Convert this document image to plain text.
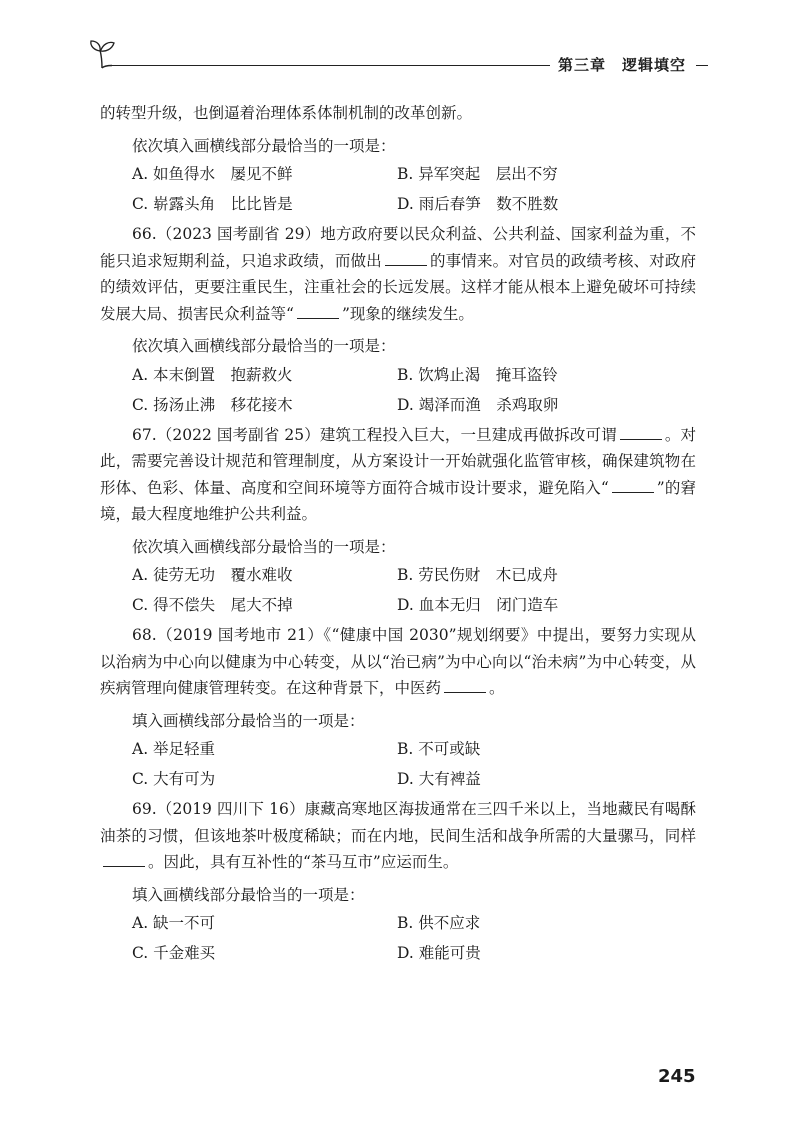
第三章 逻辑填空

的转型升级，也倒逼着治理体系体制机制的改革创新。

依次填入画横线部分最恰当的一项是：

A. 如鱼得水　屡见不鲜	B. 异军突起　层出不穷
C. 崭露头角　比比皆是	D. 雨后春笋　数不胜数

66.（2023 国考副省 29）地方政府要以民众利益、公共利益、国家利益为重，不能只追求短期利益，只追求政绩，而做出	的事情来。对官员的政绩考核、对政府的绩效评估，更要注重民生，注重社会的长远发展。这样才能从根本上避免破坏可持续发展大局、损害民众利益等“	”现象的继续发生。

依次填入画横线部分最恰当的一项是：

A. 本末倒置　抱薪救火	B. 饮鸩止渴　掩耳盗铃
C. 扬汤止沸　移花接木	D. 竭泽而渔　杀鸡取卵

67.（2022 国考副省 25）建筑工程投入巨大，一旦建成再做拆改可谓	。对此，需要完善设计规范和管理制度，从方案设计一开始就强化监管审核，确保建筑物在形体、色彩、体量、高度和空间环境等方面符合城市设计要求，避免陷入“	”的窘境，最大程度地维护公共利益。

依次填入画横线部分最恰当的一项是：

A. 徒劳无功　覆水难收	B. 劳民伤财　木已成舟
C. 得不偿失　尾大不掉	D. 血本无归　闭门造车

68.（2019 国考地市 21）《“健康中国 2030”规划纲要》中提出，要努力实现从以治病为中心向以健康为中心转变，从以“治已病”为中心向以“治未病”为中心转变，从疾病管理向健康管理转变。在这种背景下，中医药	。

填入画横线部分最恰当的一项是：

A. 举足轻重	B. 不可或缺
C. 大有可为	D. 大有裨益

69.（2019 四川下 16）康藏高寒地区海拔通常在三四千米以上，当地藏民有喝酥油茶的习惯，但该地茶叶极度稀缺；而在内地，民间生活和战争所需的大量骡马，同样。因此，具有互补性的“茶马互市”应运而生。

填入画横线部分最恰当的一项是：

A. 缺一不可	B. 供不应求
C. 千金难买	D. 难能可贵
245
